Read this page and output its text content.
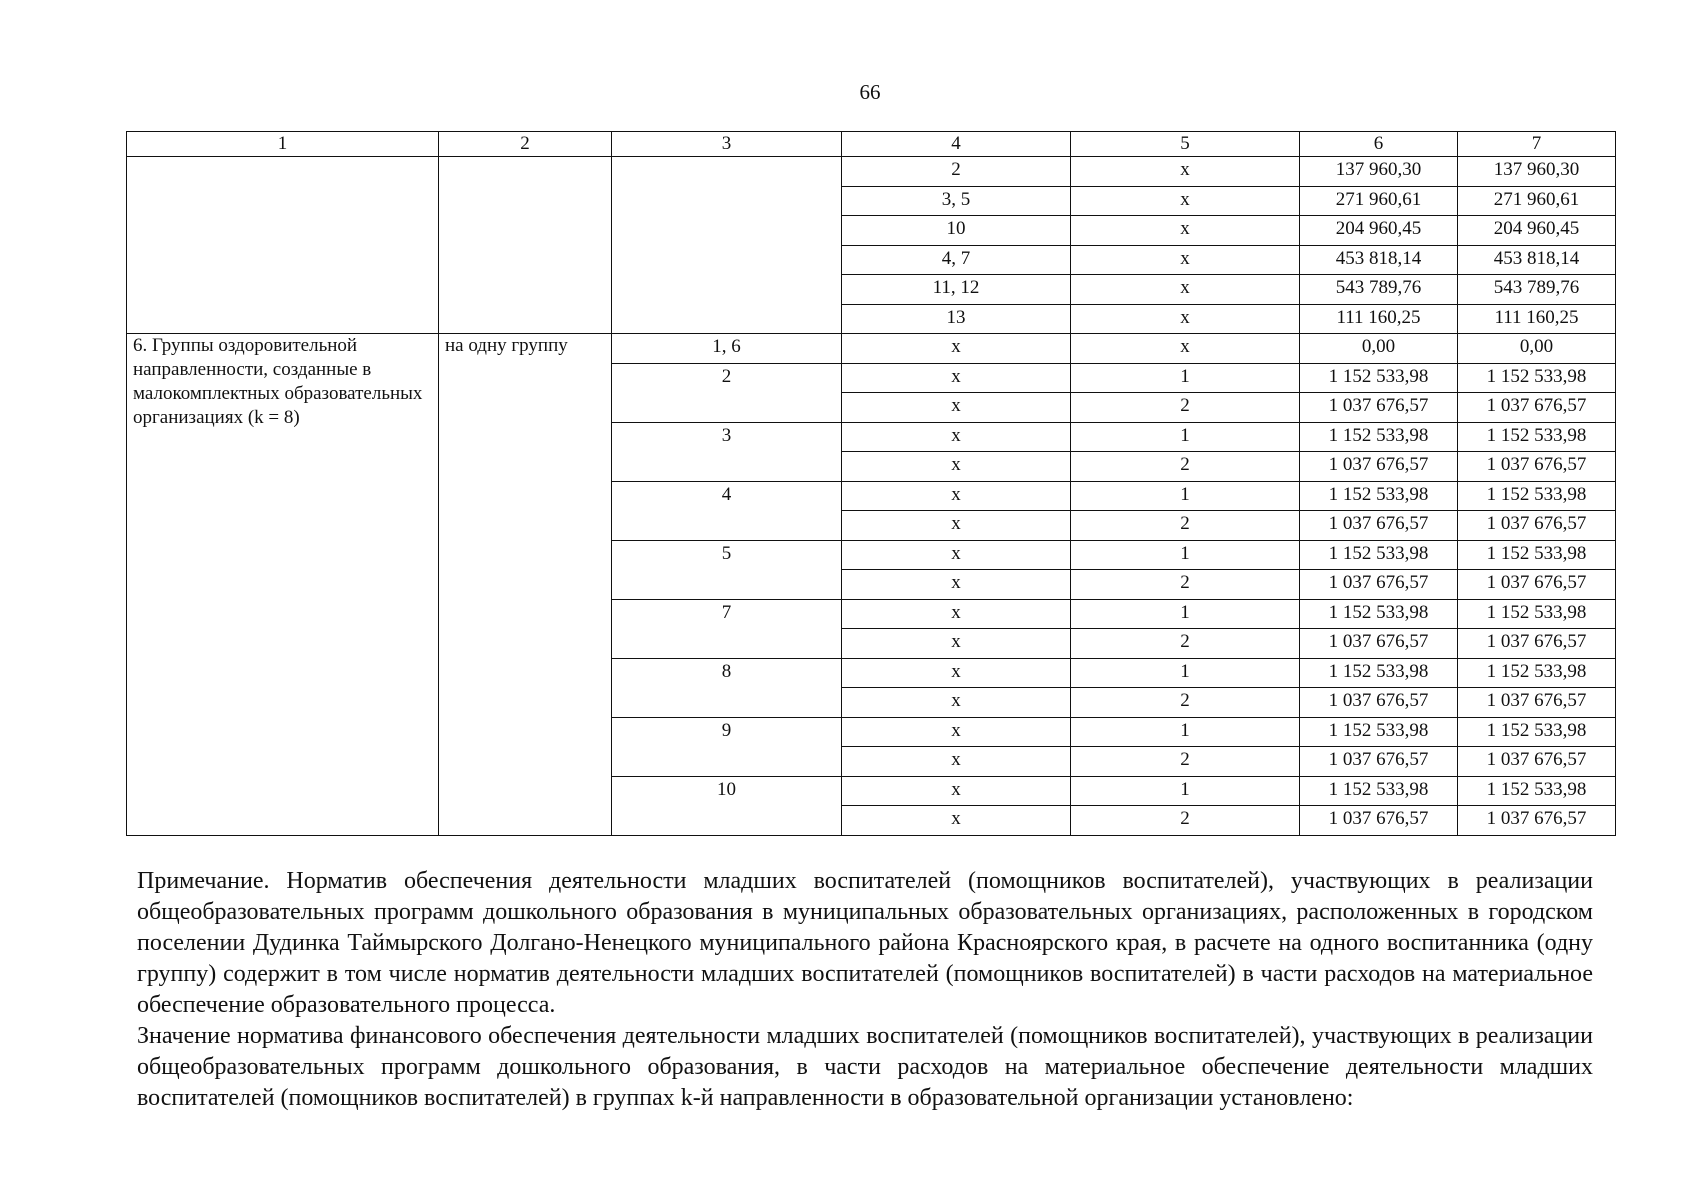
66
1	2	3	4	5	6	7
			2	х	137 960,30	137 960,30
			3, 5	х	271 960,61	271 960,61
			10	х	204 960,45	204 960,45
			4, 7	х	453 818,14	453 818,14
			11, 12	х	543 789,76	543 789,76
			13	х	111 160,25	111 160,25
6. Группы оздоровительной направленности, созданные в малокомплектных образовательных организациях (k = 8)	на одну группу	1, 6	х	х	0,00	0,00
		2	х	1	1 152 533,98	1 152 533,98
			х	2	1 037 676,57	1 037 676,57
		3	х	1	1 152 533,98	1 152 533,98
			х	2	1 037 676,57	1 037 676,57
		4	х	1	1 152 533,98	1 152 533,98
			х	2	1 037 676,57	1 037 676,57
		5	х	1	1 152 533,98	1 152 533,98
			х	2	1 037 676,57	1 037 676,57
		7	х	1	1 152 533,98	1 152 533,98
			х	2	1 037 676,57	1 037 676,57
		8	х	1	1 152 533,98	1 152 533,98
			х	2	1 037 676,57	1 037 676,57
		9	х	1	1 152 533,98	1 152 533,98
			х	2	1 037 676,57	1 037 676,57
		10	х	1	1 152 533,98	1 152 533,98
			х	2	1 037 676,57	1 037 676,57

Примечание. Норматив обеспечения деятельности младших воспитателей (помощников воспитателей), участвующих в реализации общеобразовательных программ дошкольного образования в муниципальных образовательных организациях, расположенных в городском поселении Дудинка Таймырского Долгано-Ненецкого муниципального района Красноярского края, в расчете на одного воспитанника (одну группу) содержит в том числе норматив деятельности младших воспитателей (помощников воспитателей) в части расходов на материальное обеспечение образовательного процесса.

Значение норматива финансового обеспечения деятельности младших воспитателей (помощников воспитателей), участвующих в реализации общеобразовательных программ дошкольного образования, в части расходов на материальное обеспечение деятельности младших воспитателей (помощников воспитателей) в группах k-й направленности в образовательной организации установлено:
